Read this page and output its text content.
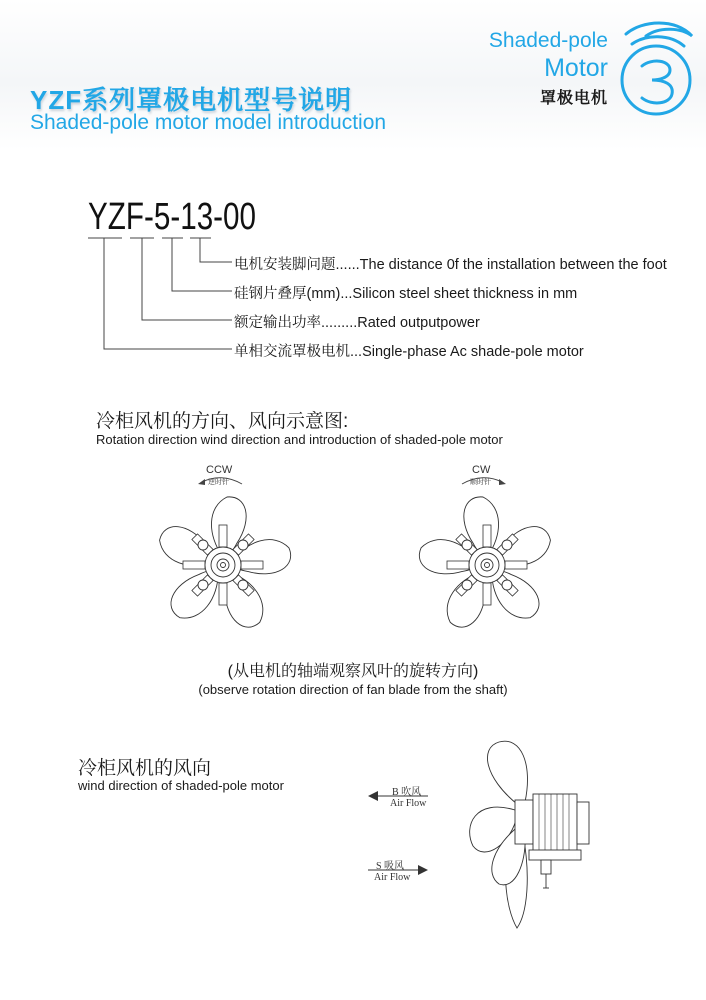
YZF系列罩极电机型号说明
Shaded-pole motor model introduction
Shaded-pole
Motor
罩极电机
YZF-5-13-00
电机安装脚问题......The distance 0f the installation between the foot
硅钢片叠厚(mm)...Silicon steel sheet thickness in mm
额定输出功率.........Rated outputpower
单相交流罩极电机...Single-phase Ac shade-pole motor
冷柜风机的方向、风向示意图:
Rotation direction wind direction and introduction of shaded-pole motor
CCW
逆时针
CW
顺时针
(从电机的轴端观察风叶的旋转方向)
(observe rotation direction of fan blade from the shaft)
冷柜风机的风向
wind direction of shaded-pole motor	B 吹风
Air Flow
S 吸风
Air Flow
